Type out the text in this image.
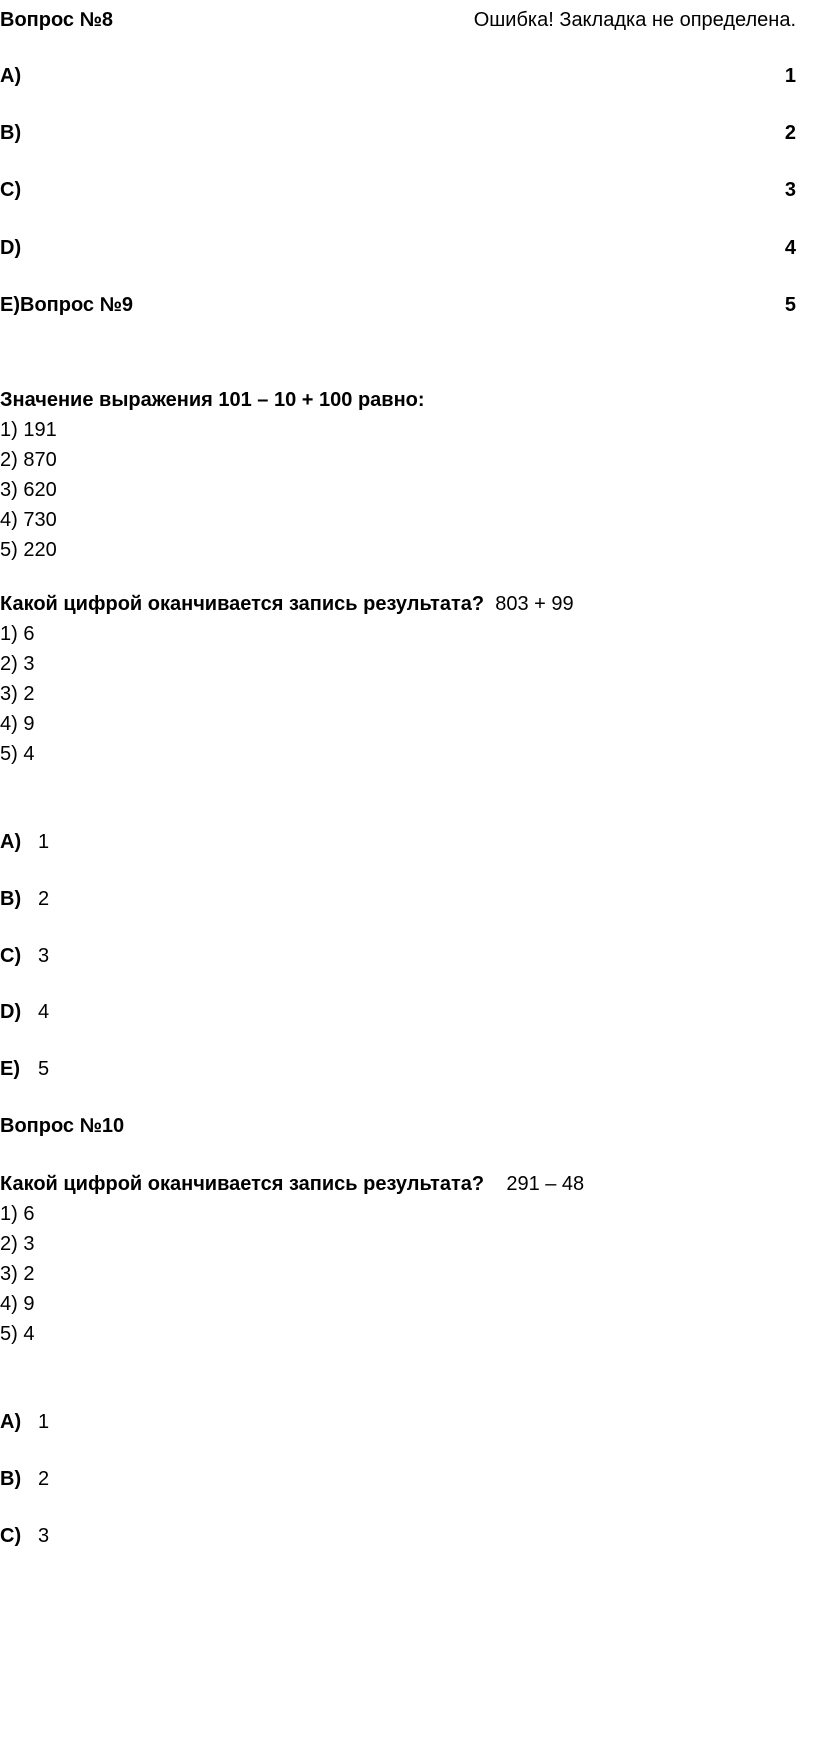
Вопрос №8	Ошибка! Закладка не определена.
A)	1
B)	2
C)	3
D)	4
E)Вопрос №9	5
Значение выражения 101 – 10 + 100 равно:
1) 191
2) 870
3) 620
4) 730
5) 220
Какой цифрой оканчивается запись результата? 803 + 99
1) 6
2) 3
3) 2
4) 9
5) 4
A) 1
B) 2
C) 3
D) 4
E) 5
Вопрос №10
Какой цифрой оканчивается запись результата? 291 – 48
1) 6
2) 3
3) 2
4) 9
5) 4
A) 1
B) 2
C) 3
